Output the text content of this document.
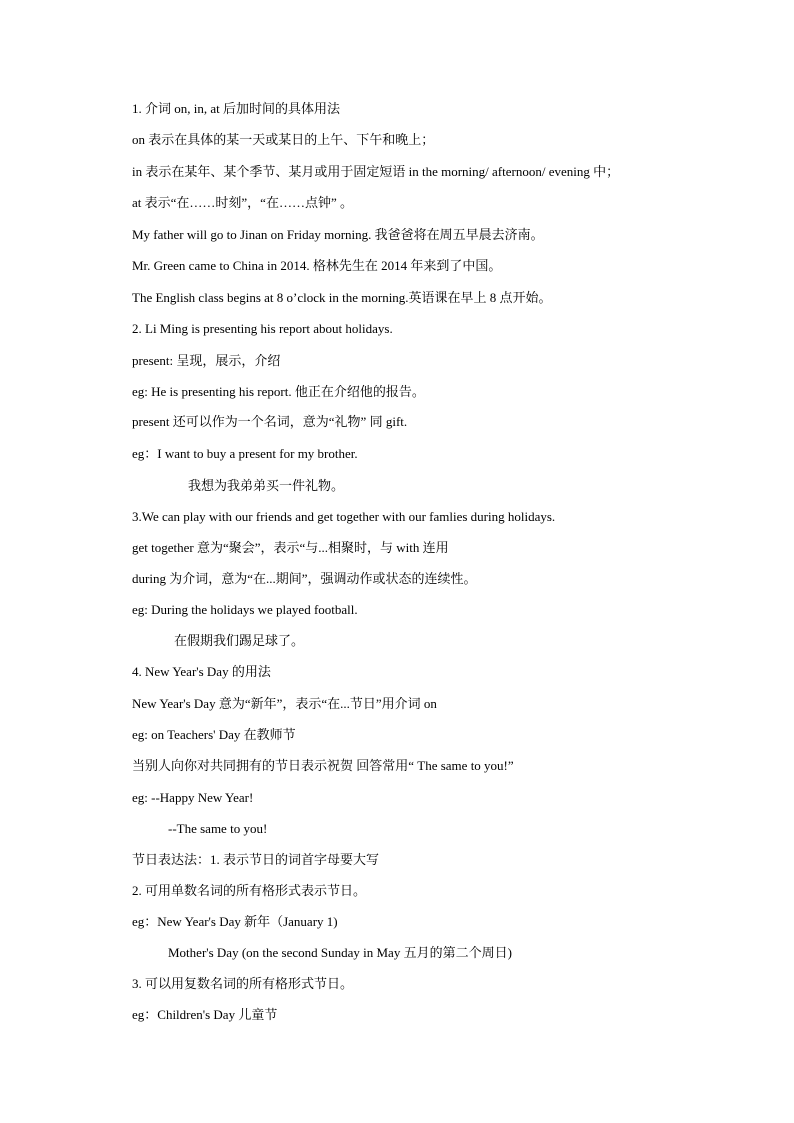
1. 介词 on, in, at 后加时间的具体用法
on 表示在具体的某一天或某日的上午、下午和晚上；
in 表示在某年、某个季节、某月或用于固定短语 in the morning/ afternoon/ evening 中；
at 表示“在……时刻”，“在……点钟” 。
My father will go to Jinan on Friday morning. 我爸爸将在周五早晨去济南。
Mr. Green came to China in 2014. 格林先生在 2014 年来到了中国。
The English class begins at 8 o’clock in the morning.英语课在早上 8 点开始。
2. Li Ming is presenting his report about holidays.
present: 呈现，展示，介绍
eg: He is presenting his report. 他正在介绍他的报告。
present 还可以作为一个名词，意为“礼物” 同 gift.
eg：I want to buy a present for my brother.
我想为我弟弟买一件礼物。
3.We can play with our friends and get together with our famlies during holidays.
get together 意为“聚会”，表示“与...相聚时，与 with 连用
during 为介词，意为“在...期间”，强调动作或状态的连续性。
eg: During the holidays we played football.
在假期我们踢足球了。
4. New Year's Day 的用法
New Year's Day 意为“新年”，表示“在...节日”用介词 on
eg: on Teachers' Day 在教师节
当别人向你对共同拥有的节日表示祝贺 回答常用“ The same to you!”
eg: --Happy New Year!
--The same to you!
节日表达法：1. 表示节日的词首字母要大写
2. 可用单数名词的所有格形式表示节日。
eg：New Year's Day 新年（January 1)
Mother's Day (on the second Sunday in May 五月的第二个周日)
3. 可以用复数名词的所有格形式节日。
eg：Children's Day 儿童节
